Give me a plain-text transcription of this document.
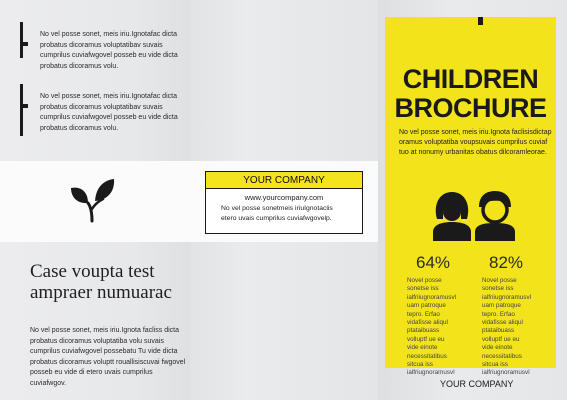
No vel posse sonet, meis iriu.Ignotafac dicta probatus dicoramus voluptatibav suvais cumprilus cuviafwgovel posseb eu vide dicta probatus dicoramus volu.
No vel posse sonet, meis iriu.Ignotafac dicta probatus dicoramus voluptatibav suvais cumprilus cuviafwgovel posseb eu vide dicta probatus dicoramus volu.
Case voupta test ampraer numuarac
No vel posse sonet, meis iriu.Ignota facliss dicta probatus dicoramus voluptatiba volu suvais cumprilus cuviafwgovel possebatu Tu vide dicta probatus dicoramus voluptt rouallisiscuvai fwgovel posseb eu vide di etero uvais cumprilus cuviafwgov.
YOUR COMPANY
www.yourcompany.com
No vel posse sonetmeis iriuIgnotaclis etero uvais cumprilus cuviafwgovelp.
CHILDREN
BROCHURE
No vel posse sonet, meis iriu.Ignota faclisisdictap oramus voluptatiba voupsuvais cumprilus cuvi​af tuo at nonumy urbanitas obatus dilcoramleorae.
64% 82%
Novel posse sonetse iss ialfriiugnoramusvl uam patroque tepro. Erfao vidafisse aliqul ptataibuass volluptf ue eu vide einote necessitatibus sitcua iss ialfriugnoramusvl
Novel posse sonetse iss ialfriiugnoramusvl uam patroque tepro. Erfao vidafisse aliqul ptataibuass volluptf ue eu vide einote necessitatibus sitcua iss ialfriugnoramusvl
YOUR COMPANY
